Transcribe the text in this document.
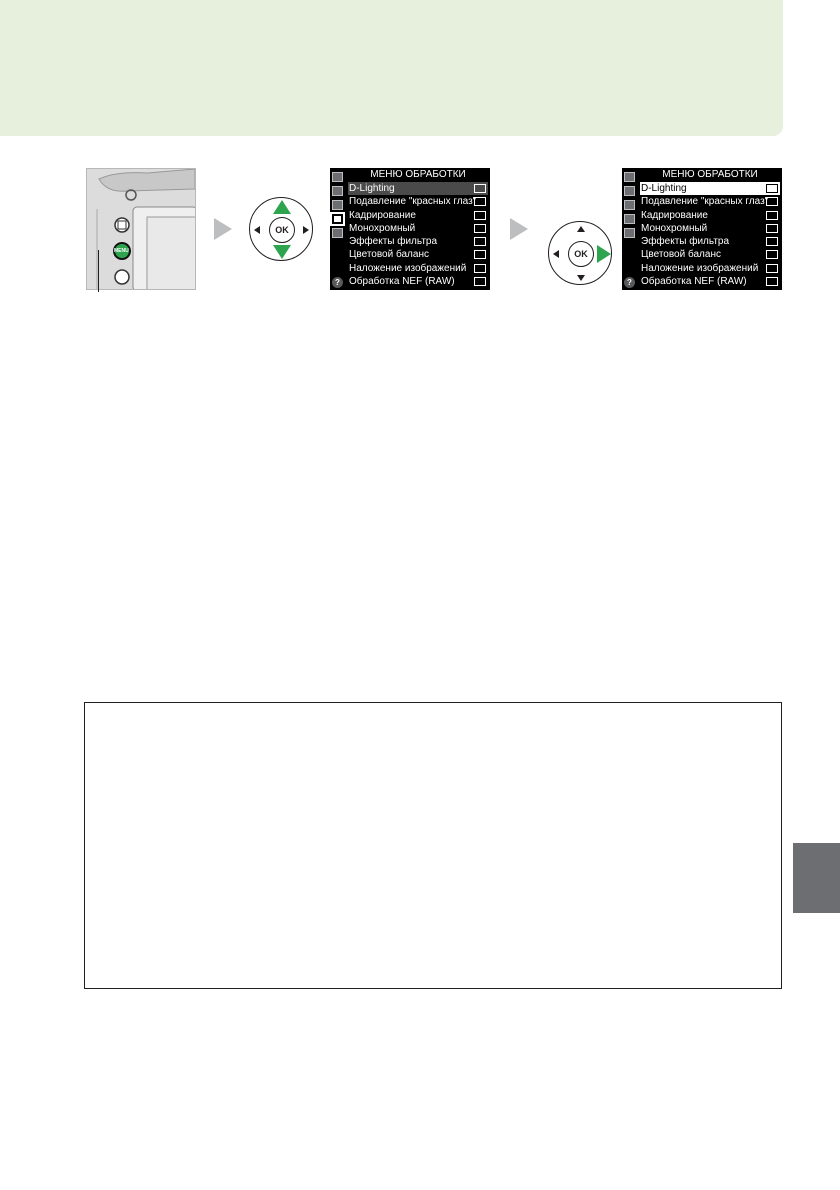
MENU
OK
МЕНЮ ОБРАБОТКИ
?
D-Lighting
Подавление "красных глаз"
Кадрирование
Монохромный
Эффекты фильтра
Цветовой баланс
Наложение изображений
Обработка NEF (RAW)
OK
МЕНЮ ОБРАБОТКИ
?
D-Lighting
Подавление "красных глаз"
Кадрирование
Монохромный
Эффекты фильтра
Цветовой баланс
Наложение изображений
Обработка NEF (RAW)
